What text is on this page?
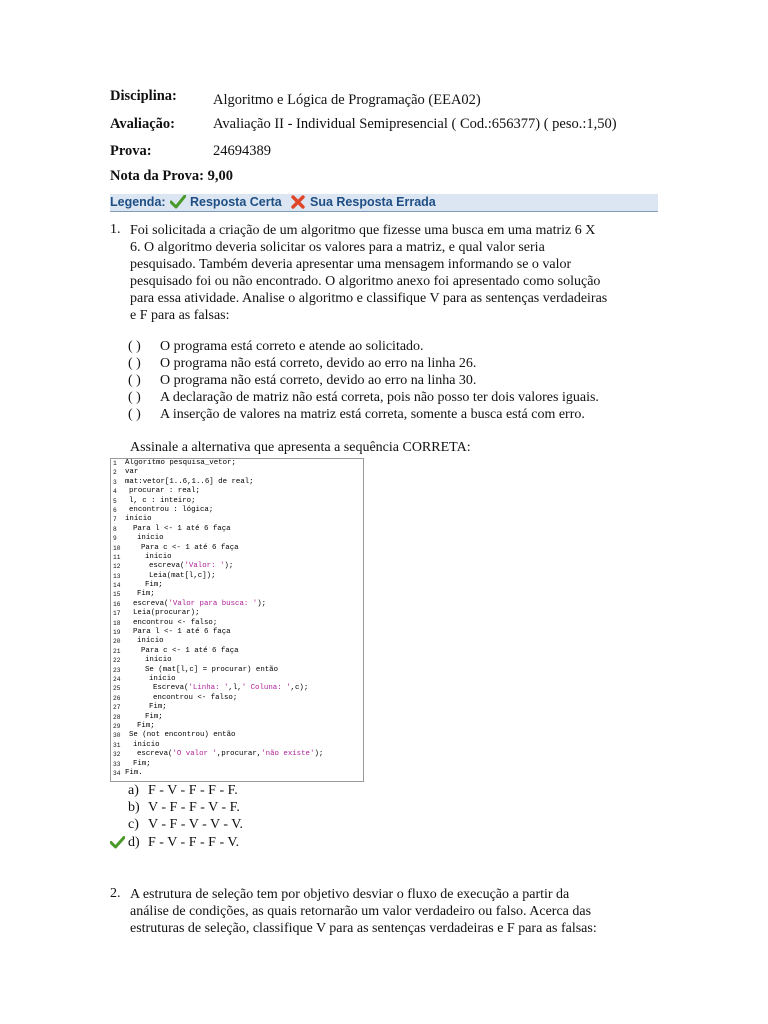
Disciplina: Algoritmo e Lógica de Programação (EEA02)
Avaliação:	Avaliação II - Individual Semipresencial ( Cod.:656377) ( peso.:1,50)
Prova:	24694389
Nota da Prova: 9,00
Legenda: Resposta Certa Sua Resposta Errada
1. Foi solicitada a criação de um algoritmo que fizesse uma busca em uma matriz 6 X
6. O algoritmo deveria solicitar os valores para a matriz, e qual valor seria
pesquisado. Também deveria apresentar uma mensagem informando se o valor
pesquisado foi ou não encontrado. O algoritmo anexo foi apresentado como solução
para essa atividade. Analise o algoritmo e classifique V para as sentenças verdadeiras
e F para as falsas:
( ) O programa está correto e atende ao solicitado.
( ) O programa não está correto, devido ao erro na linha 26.
( ) O programa não está correto, devido ao erro na linha 30.
( ) A declaração de matriz não está correta, pois não posso ter dois valores iguais.
( ) A inserção de valores na matriz está correta, somente a busca está com erro.
Assinale a alternativa que apresenta a sequência CORRETA:
1	Algoritmo pesquisa_vetor;
2	var
3	mat:vetor[1..6,1..6] de real;
4	procurar : real;
5	l, c : inteiro;
6	encontrou : lógica;
7	início
8	Para l <- 1 até 6 faça
9	início
10	Para c <- 1 até 6 faça
11	início
12	escreva('Valor: ');
13	Leia(mat[l,c]);
14	Fim;
15	Fim;
16	escreva('Valor para busca: ');
17	Leia(procurar);
18	encontrou <- falso;
19	Para l <- 1 até 6 faça
20	início
21	Para c <- 1 até 6 faça
22	início
23	Se (mat[l,c] = procurar) então
24	início
25	Escreva('Linha: ',l,' Coluna: ',c);
26	encontrou <- falso;
27	Fim;
28	Fim;
29	Fim;
30	Se (not encontrou) então
31	início
32	escreva('O valor ',procurar,'não existe');
33	Fim;
34 Fim.
a) F - V - F - F - F.
b) V - F - F - V - F.
c) V - F - V - V - V.
d) F - V - F - F - V.
2. A estrutura de seleção tem por objetivo desviar o fluxo de execução a partir da
análise de condições, as quais retornarão um valor verdadeiro ou falso. Acerca das
estruturas de seleção, classifique V para as sentenças verdadeiras e F para as falsas:
